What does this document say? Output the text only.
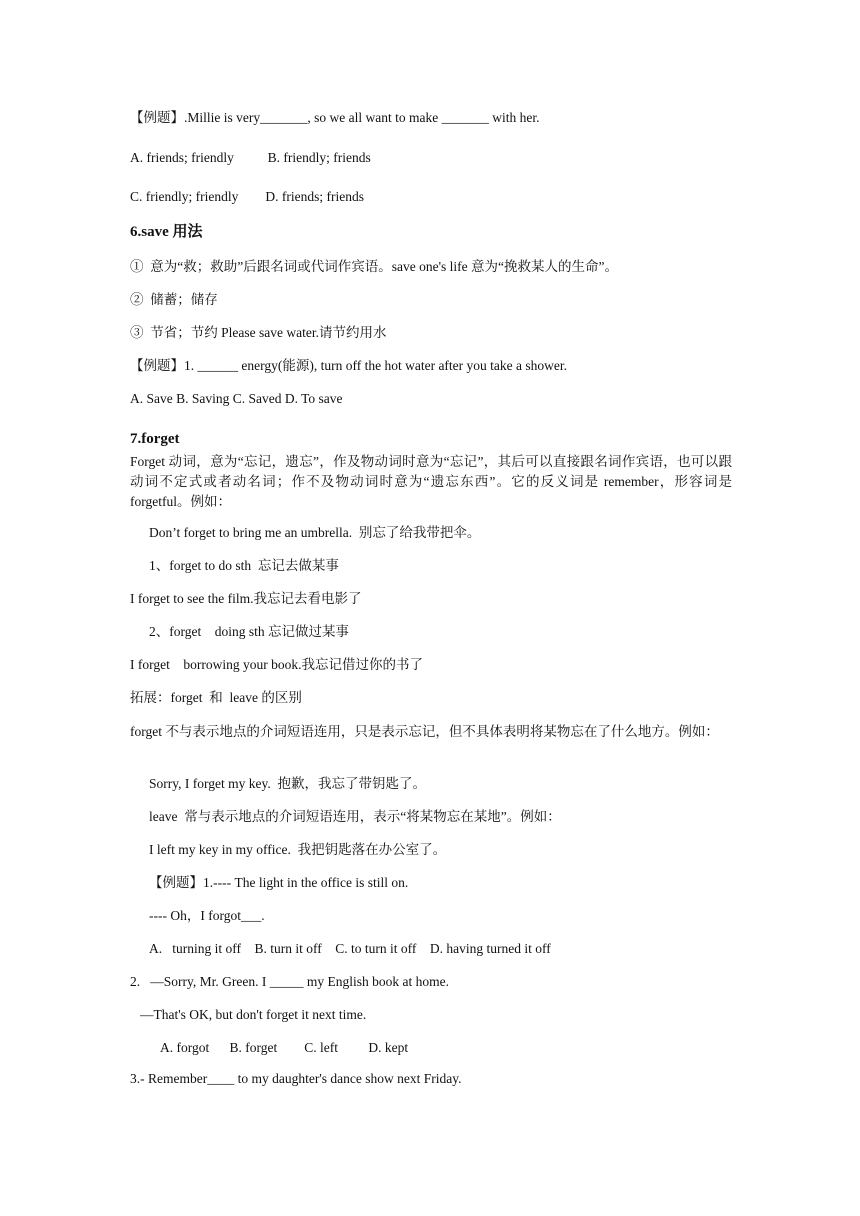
【例题】.Millie is very_______, so we all want to make _______ with her.
A. friends; friendly          B. friendly; friends
C. friendly; friendly        D. friends; friends
6.save 用法
①  意为“救；救助”后跟名词或代词作宾语。save one's life 意为“挽救某人的生命”。
②  储蓄；储存
③  节省；节约 Please save water.请节约用水
【例题】1. ______ energy(能源), turn off the hot water after you take a shower.
A. Save B. Saving C. Saved D. To save
7.forget
Forget 动词，意为“忘记，遗忘”，作及物动词时意为“忘记”，其后可以直接跟名词作宾语，也可以跟动词不定式或者动名词；作不及物动词时意为“遗忘东西”。它的反义词是 remember，形容词是 forgetful。例如：
Don’t forget to bring me an umbrella.  别忘了给我带把伞。
1、forget to do sth  忘记去做某事
I forget to see the film.我忘记去看电影了
2、forget    doing sth 忘记做过某事
I forget    borrowing your book.我忘记借过你的书了
拓展：forget  和  leave 的区别
forget 不与表示地点的介词短语连用，只是表示忘记，但不具体表明将某物忘在了什么地方。例如：
Sorry, I forget my key.  抱歉，我忘了带钥匙了。
leave  常与表示地点的介词短语连用，表示“将某物忘在某地”。例如：
I left my key in my office.  我把钥匙落在办公室了。
【例题】1.---- The light in the office is still on.
---- Oh，I forgot___.
A.   turning it off    B. turn it off    C. to turn it off    D. having turned it off
2.   —Sorry, Mr. Green. I _____ my English book at home.
—That's OK, but don't forget it next time.
A. forgot      B. forget        C. left         D. kept
3.- Remember____ to my daughter's dance show next Friday.
